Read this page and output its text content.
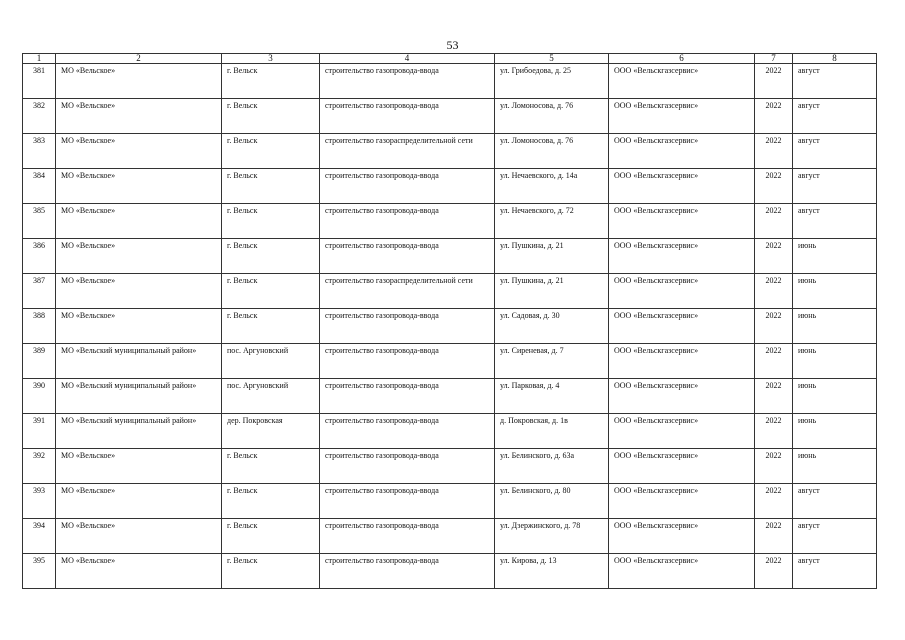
53
1	2	3	4	5	6	7	8
381	МО «Вельское»	г. Вельск	строительство газопровода-ввода	ул. Грибоедова, д. 25	ООО «Вельскгазсервис»	2022	август
382	МО «Вельское»	г. Вельск	строительство газопровода-ввода	ул. Ломоносова, д. 76	ООО «Вельскгазсервис»	2022	август
383	МО «Вельское»	г. Вельск	строительство газораспределительной сети	ул. Ломоносова, д. 76	ООО «Вельскгазсервис»	2022	август
384	МО «Вельское»	г. Вельск	строительство газопровода-ввода	ул. Нечаевского, д. 14а	ООО «Вельскгазсервис»	2022	август
385	МО «Вельское»	г. Вельск	строительство газопровода-ввода	ул. Нечаевского, д. 72	ООО «Вельскгазсервис»	2022	август
386	МО «Вельское»	г. Вельск	строительство газопровода-ввода	ул. Пушкина, д. 21	ООО «Вельскгазсервис»	2022	июнь
387	МО «Вельское»	г. Вельск	строительство газораспределительной сети	ул. Пушкина, д. 21	ООО «Вельскгазсервис»	2022	июнь
388	МО «Вельское»	г. Вельск	строительство газопровода-ввода	ул. Садовая, д. 30	ООО «Вельскгазсервис»	2022	июнь
389	МО «Вельский муниципальный район»	пос. Аргуновский	строительство газопровода-ввода	ул. Сиреневая, д. 7	ООО «Вельскгазсервис»	2022	июнь
390	МО «Вельский муниципальный район»	пос. Аргуновский	строительство газопровода-ввода	ул. Парковая, д. 4	ООО «Вельскгазсервис»	2022	июнь
391	МО «Вельский муниципальный район»	дер. Покровская	строительство газопровода-ввода	д. Покровская, д. 1в	ООО «Вельскгазсервис»	2022	июнь
392	МО «Вельское»	г. Вельск	строительство газопровода-ввода	ул. Белинского, д. 63а	ООО «Вельскгазсервис»	2022	июнь
393	МО «Вельское»	г. Вельск	строительство газопровода-ввода	ул. Белинского, д. 80	ООО «Вельскгазсервис»	2022	август
394	МО «Вельское»	г. Вельск	строительство газопровода-ввода	ул. Дзержинского, д. 78	ООО «Вельскгазсервис»	2022	август
395	МО «Вельское»	г. Вельск	строительство газопровода-ввода	ул. Кирова, д. 13	ООО «Вельскгазсервис»	2022	август
